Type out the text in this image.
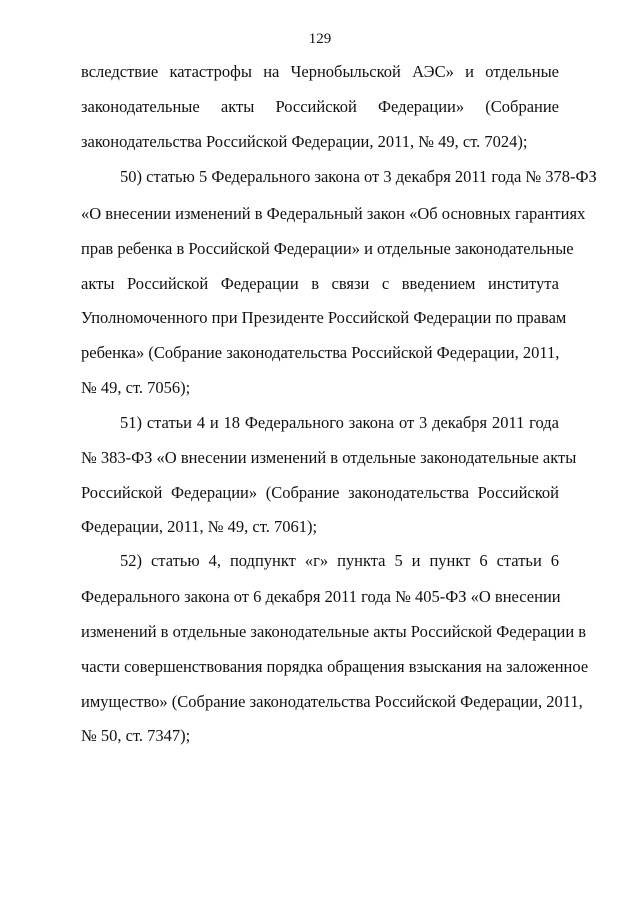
129
вследствие катастрофы на Чернобыльской АЭС» и отдельные
законодательные акты Российской Федерации» (Собрание
законодательства Российской Федерации, 2011, № 49, ст. 7024);
50) статью 5 Федерального закона от 3 декабря 2011 года № 378-ФЗ
«О внесении изменений в Федеральный закон «Об основных гарантиях
прав ребенка в Российской Федерации» и отдельные законодательные
акты Российской Федерации в связи с введением института
Уполномоченного при Президенте Российской Федерации по правам
ребенка» (Собрание законодательства Российской Федерации, 2011,
№ 49, ст. 7056);
51) статьи 4 и 18 Федерального закона от 3 декабря 2011 года
№ 383-ФЗ «О внесении изменений в отдельные законодательные акты
Российской Федерации» (Собрание законодательства Российской
Федерации, 2011, № 49, ст. 7061);
52) статью 4, подпункт «г» пункта 5 и пункт 6 статьи 6
Федерального закона от 6 декабря 2011 года № 405-ФЗ «О внесении
изменений в отдельные законодательные акты Российской Федерации в
части совершенствования порядка обращения взыскания на заложенное
имущество» (Собрание законодательства Российской Федерации, 2011,
№ 50, ст. 7347);
